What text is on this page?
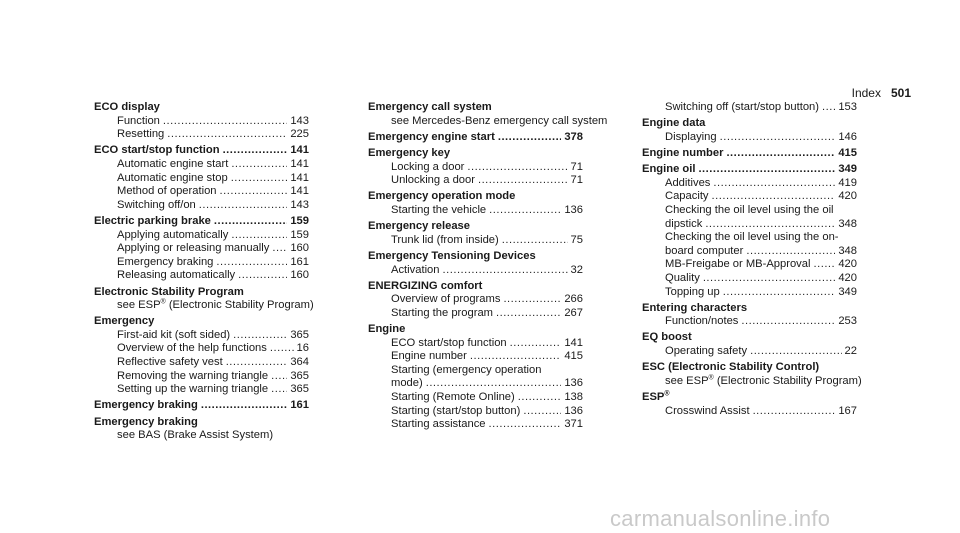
Index 501
ECO display
Function .....	143
Resetting .....	225
ECO start/stop function .....	141
Automatic engine start .....	141
Automatic engine stop .....	141
Method of operation .....	141
Switching off/on .....	143
Electric parking brake .....	159
Applying automatically .....	159
Applying or releasing manually ..... 160
Emergency braking .....	161
Releasing automatically .....	160
Electronic Stability Program
see ESP® (Electronic Stability Program)
Emergency
First-aid kit (soft sided) .....	365
Overview of the help functions .....	16
Reflective safety vest .....	364
Removing the warning triangle ..... 365
Setting up the warning triangle ..... 365
Emergency braking .....	161
Emergency braking
see BAS (Brake Assist System)
Emergency call system
see Mercedes-Benz emergency call system
Emergency engine start .....	378
Emergency key
Locking a door .....	71
Unlocking a door .....	71
Emergency operation mode
Starting the vehicle .....	136
Emergency release
Trunk lid (from inside) .....	75
Emergency Tensioning Devices
Activation .....	32
ENERGIZING comfort
Overview of programs .....	266
Starting the program .....	267
Engine
ECO start/stop function .....	141
Engine number .....	415
Starting (emergency operation
mode) .....	136
Starting (Remote Online) .....	138
Starting (start/stop button) .....	136
Starting assistance .....	371
Switching off (start/stop button) ..... 153
Engine data
Displaying .....	146
Engine number .....	415
Engine oil .....	349
Additives .....	419
Capacity .....	420
Checking the oil level using the oil
dipstick .....	348
Checking the oil level using the on-
board computer .....	348
MB-Freigabe or MB-Approval ..... 420
Quality .....	420
Topping up .....	349
Entering characters
Function/notes .....	253
EQ boost
Operating safety .....	22
ESC (Electronic Stability Control)
see ESP® (Electronic Stability Program)
ESP®
Crosswind Assist .....	167
carmanualsonline.info
